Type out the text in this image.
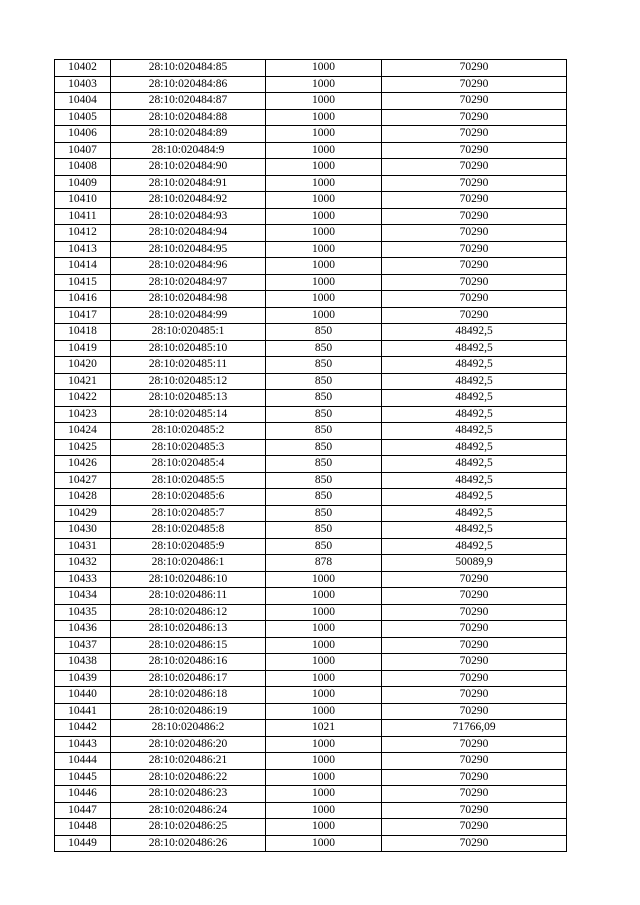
10402	28:10:020484:85	1000	70290
10403	28:10:020484:86	1000	70290
10404	28:10:020484:87	1000	70290
10405	28:10:020484:88	1000	70290
10406	28:10:020484:89	1000	70290
10407	28:10:020484:9	1000	70290
10408	28:10:020484:90	1000	70290
10409	28:10:020484:91	1000	70290
10410	28:10:020484:92	1000	70290
10411	28:10:020484:93	1000	70290
10412	28:10:020484:94	1000	70290
10413	28:10:020484:95	1000	70290
10414	28:10:020484:96	1000	70290
10415	28:10:020484:97	1000	70290
10416	28:10:020484:98	1000	70290
10417	28:10:020484:99	1000	70290
10418	28:10:020485:1	850	48492,5
10419	28:10:020485:10	850	48492,5
10420	28:10:020485:11	850	48492,5
10421	28:10:020485:12	850	48492,5
10422	28:10:020485:13	850	48492,5
10423	28:10:020485:14	850	48492,5
10424	28:10:020485:2	850	48492,5
10425	28:10:020485:3	850	48492,5
10426	28:10:020485:4	850	48492,5
10427	28:10:020485:5	850	48492,5
10428	28:10:020485:6	850	48492,5
10429	28:10:020485:7	850	48492,5
10430	28:10:020485:8	850	48492,5
10431	28:10:020485:9	850	48492,5
10432	28:10:020486:1	878	50089,9
10433	28:10:020486:10	1000	70290
10434	28:10:020486:11	1000	70290
10435	28:10:020486:12	1000	70290
10436	28:10:020486:13	1000	70290
10437	28:10:020486:15	1000	70290
10438	28:10:020486:16	1000	70290
10439	28:10:020486:17	1000	70290
10440	28:10:020486:18	1000	70290
10441	28:10:020486:19	1000	70290
10442	28:10:020486:2	1021	71766,09
10443	28:10:020486:20	1000	70290
10444	28:10:020486:21	1000	70290
10445	28:10:020486:22	1000	70290
10446	28:10:020486:23	1000	70290
10447	28:10:020486:24	1000	70290
10448	28:10:020486:25	1000	70290
10449	28:10:020486:26	1000	70290
